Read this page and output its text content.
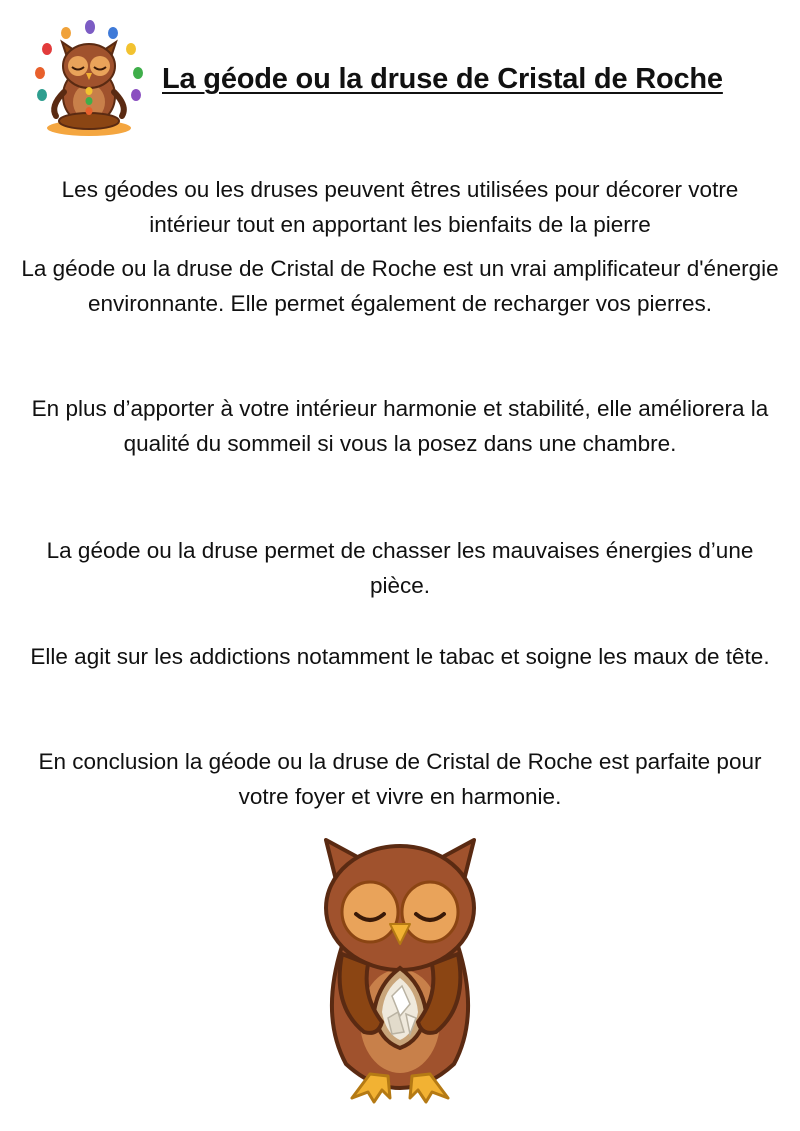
La géode ou la druse de Cristal de Roche

Les géodes ou les druses peuvent êtres utilisées pour décorer votre intérieur tout en apportant les bienfaits de la pierre

La géode ou la druse de Cristal de Roche est un vrai amplificateur d'énergie environnante. Elle permet également de recharger vos pierres.

En plus d’apporter à votre intérieur harmonie et stabilité, elle améliorera la qualité du sommeil si vous la posez dans une chambre.

La géode ou la druse permet de chasser les mauvaises énergies d’une pièce.

Elle agit sur les addictions notamment le tabac et soigne les maux de tête.

En conclusion la géode ou la druse de Cristal de Roche est parfaite pour votre foyer et vivre en harmonie.
